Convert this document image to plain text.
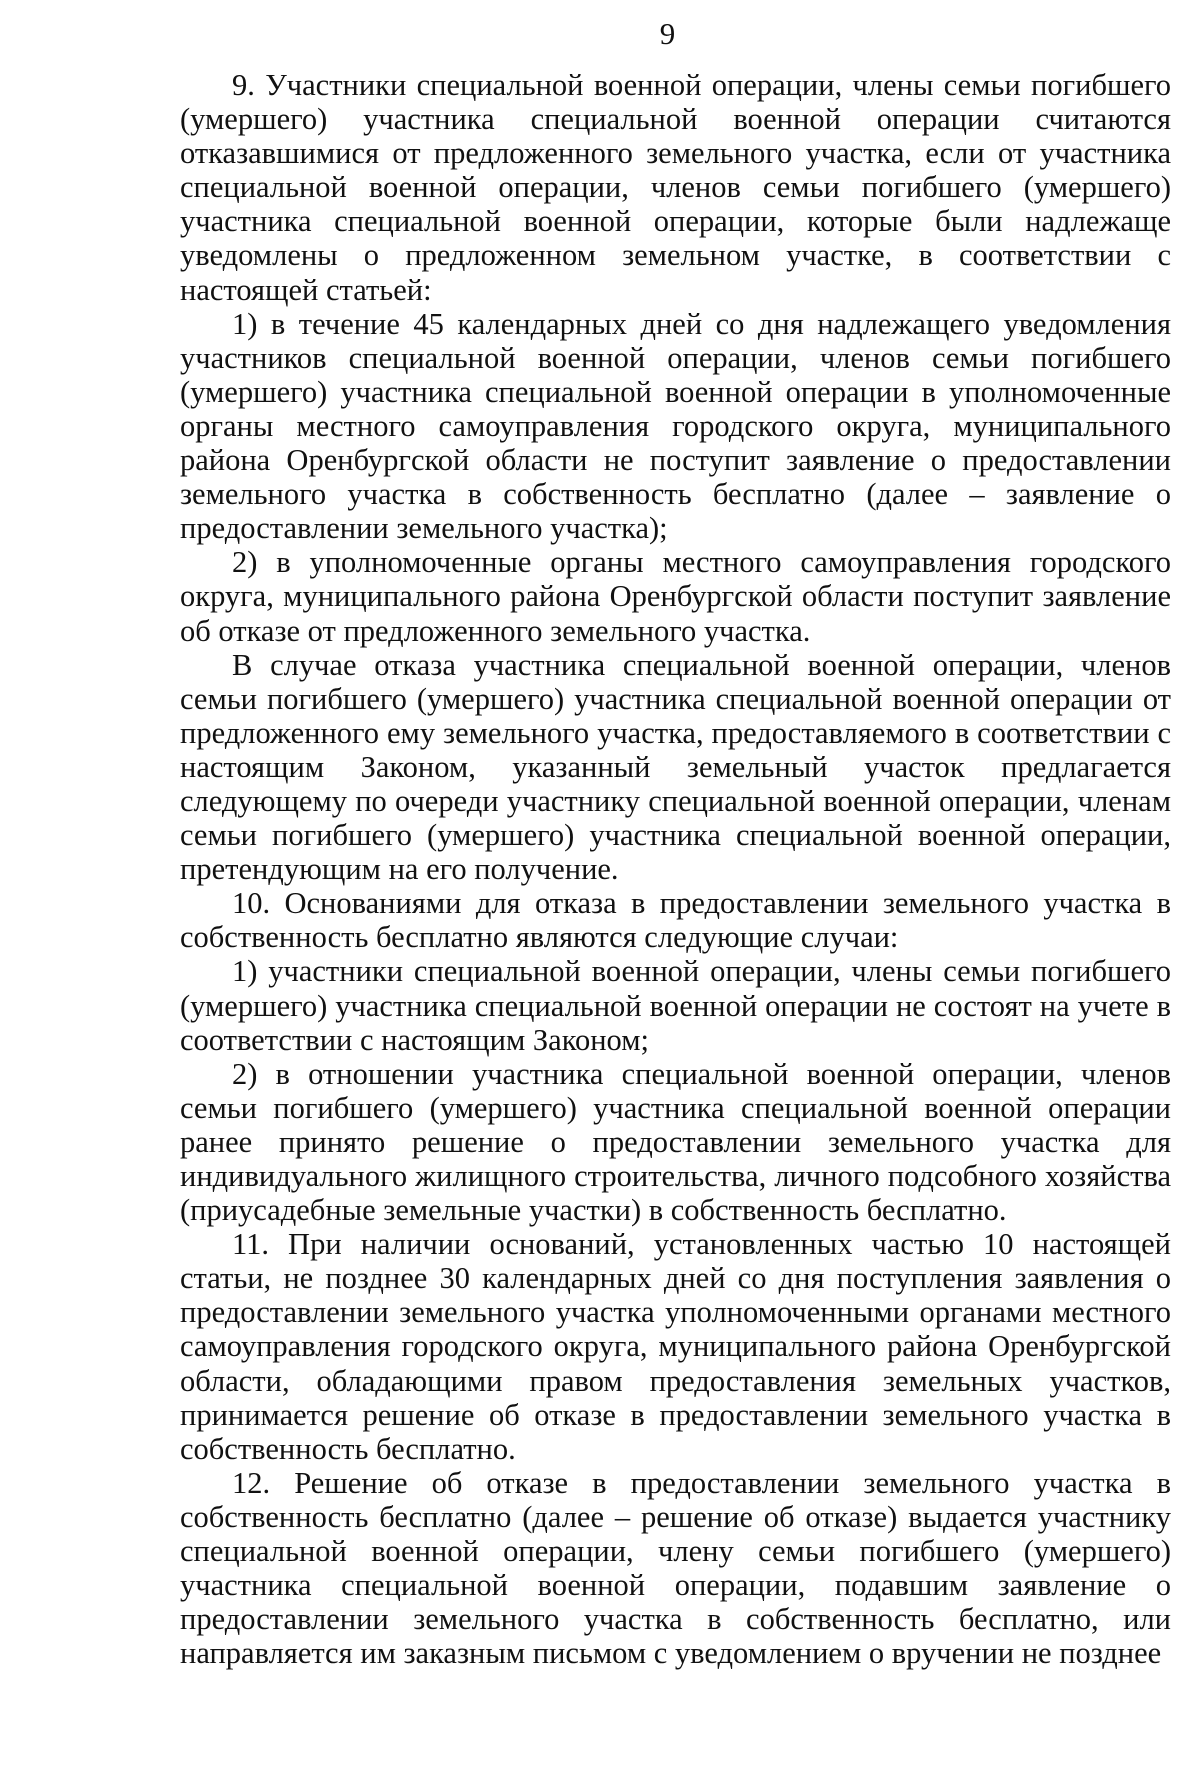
9

9. Участники специальной военной операции, члены семьи погибшего (умершего) участника специальной военной операции считаются отказавшимися от предложенного земельного участка, если от участника специальной военной операции, членов семьи погибшего (умершего) участника специальной военной операции, которые были надлежаще уведомлены о предложенном земельном участке, в соответствии с настоящей статьей:

1) в течение 45 календарных дней со дня надлежащего уведомления участников специальной военной операции, членов семьи погибшего (умершего) участника специальной военной операции в уполномоченные органы местного самоуправления городского округа, муниципального района Оренбургской области не поступит заявление о предоставлении земельного участка в собственность бесплатно (далее – заявление о предоставлении земельного участка);

2) в уполномоченные органы местного самоуправления городского округа, муниципального района Оренбургской области поступит заявление об отказе от предложенного земельного участка.

В случае отказа участника специальной военной операции, членов семьи погибшего (умершего) участника специальной военной операции от предложенного ему земельного участка, предоставляемого в соответствии с настоящим Законом, указанный земельный участок предлагается следующему по очереди участнику специальной военной операции, членам семьи погибшего (умершего) участника специальной военной операции, претендующим на его получение.

10. Основаниями для отказа в предоставлении земельного участка в собственность бесплатно являются следующие случаи:

1) участники специальной военной операции, члены семьи погибшего (умершего) участника специальной военной операции не состоят на учете в соответствии с настоящим Законом;

2) в отношении участника специальной военной операции, членов семьи погибшего (умершего) участника специальной военной операции ранее принято решение о предоставлении земельного участка для индивидуального жилищного строительства, личного подсобного хозяйства (приусадебные земельные участки) в собственность бесплатно.

11. При наличии оснований, установленных частью 10 настоящей статьи, не позднее 30 календарных дней со дня поступления заявления о предоставлении земельного участка уполномоченными органами местного самоуправления городского округа, муниципального района Оренбургской области, обладающими правом предоставления земельных участков, принимается решение об отказе в предоставлении земельного участка в собственность бесплатно.

12. Решение об отказе в предоставлении земельного участка в собственность бесплатно (далее – решение об отказе) выдается участнику специальной военной операции, члену семьи погибшего (умершего) участника специальной военной операции, подавшим заявление о предоставлении земельного участка в собственность бесплатно, или направляется им заказным письмом с уведомлением о вручении не позднее
